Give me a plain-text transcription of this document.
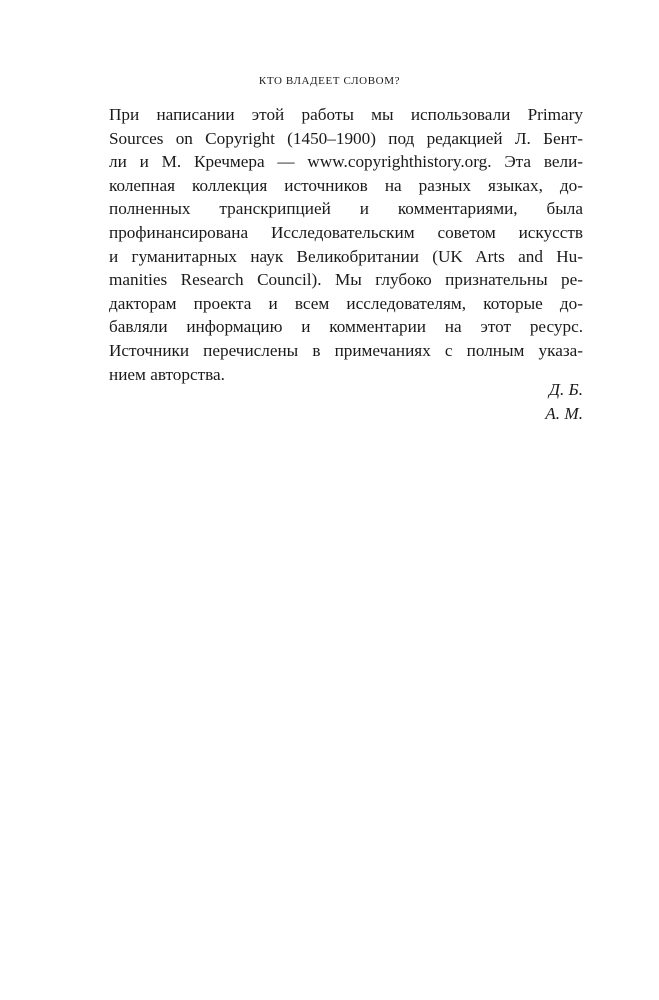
КТО ВЛАДЕЕТ СЛОВОМ?
При написании этой работы мы использовали Primary
Sources on Copyright (1450–1900) под редакцией Л. Бент-
ли и М. Кречмера — www.copyrighthistory.org. Эта вели-
колепная коллекция источников на разных языках, до-
полненных транскрипцией и комментариями, была
профинансирована Исследовательским советом искусств
и гуманитарных наук Великобритании (UK Arts and Hu-
manities Research Council). Мы глубоко признательны ре-
дакторам проекта и всем исследователям, которые до-
бавляли информацию и комментарии на этот ресурс.
Источники перечислены в примечаниях с полным указа-
нием авторства.
Д. Б.
А. М.
